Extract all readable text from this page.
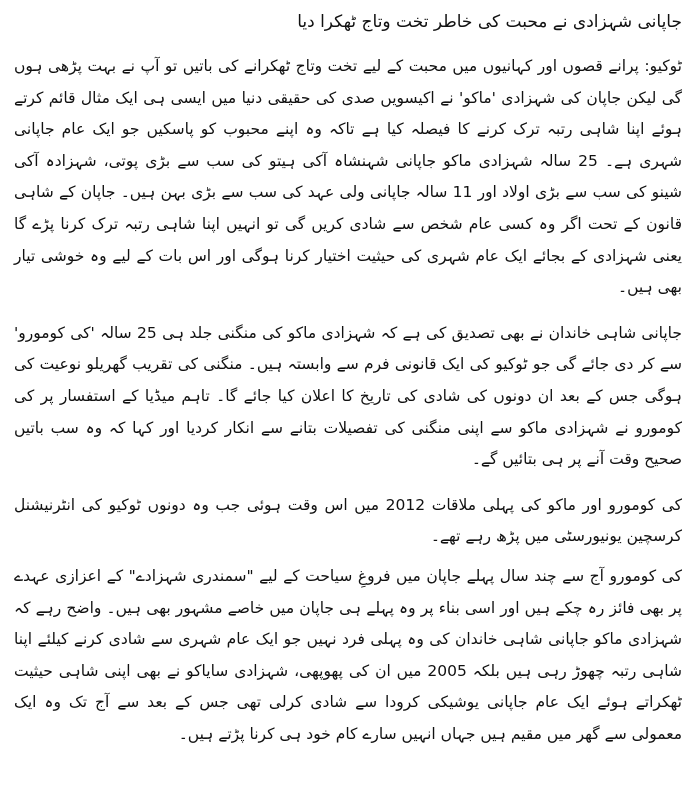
جاپانی شہزادی نے محبت کی خاطر تخت وتاج ٹھکرا دیا

ٹوکیو: پرانے قصوں اور کہانیوں میں محبت کے لیے تخت وتاج ٹھکرانے کی باتیں تو آپ نے بہت پڑھی ہوں گی لیکن جاپان کی شہزادی 'ماکو' نے اکیسویں صدی کی حقیقی دنیا میں ایسی ہی ایک مثال قائم کرتے ہوئے اپنا شاہی رتبہ ترک کرنے کا فیصلہ کیا ہے تاکہ وہ اپنے محبوب کو پاسکیں جو ایک عام جاپانی شہری ہے۔ 25 سالہ شہزادی ماکو جاپانی شہنشاہ آکی ہیتو کی سب سے بڑی پوتی، شہزادہ آکی شینو کی سب سے بڑی اولاد اور 11 سالہ جاپانی ولی عہد کی سب سے بڑی بہن ہیں۔ جاپان کے شاہی قانون کے تحت اگر وہ کسی عام شخص سے شادی کریں گی تو انہیں اپنا شاہی رتبہ ترک کرنا پڑے گا یعنی شہزادی کے بجائے ایک عام شہری کی حیثیت اختیار کرنا ہوگی اور اس بات کے لیے وہ خوشی تیار بھی ہیں۔

جاپانی شاہی خاندان نے بھی تصدیق کی ہے کہ شہزادی ماکو کی منگنی جلد ہی 25 سالہ 'کی کومورو' سے کر دی جائے گی جو ٹوکیو کی ایک قانونی فرم سے وابستہ ہیں۔ منگنی کی تقریب گھریلو نوعیت کی ہوگی جس کے بعد ان دونوں کی شادی کی تاریخ کا اعلان کیا جائے گا۔ تاہم میڈیا کے استفسار پر کی کومورو نے شہزادی ماکو سے اپنی منگنی کی تفصیلات بتانے سے انکار کردیا اور کہا کہ وہ سب باتیں صحیح وقت آنے پر ہی بتائیں گے۔

کی کومورو اور ماکو کی پہلی ملاقات 2012 میں اس وقت ہوئی جب وہ دونوں ٹوکیو کی انٹرنیشنل کرسچین یونیورسٹی میں پڑھ رہے تھے۔

کی کومورو آج سے چند سال پہلے جاپان میں فروغِ سیاحت کے لیے "سمندری شہزادے" کے اعزازی عہدے پر بھی فائز رہ چکے ہیں اور اسی بناء پر وہ پہلے ہی جاپان میں خاصے مشہور بھی ہیں۔ واضح رہے کہ شہزادی ماکو جاپانی شاہی خاندان کی وہ پہلی فرد نہیں جو ایک عام شہری سے شادی کرنے کیلئے اپنا شاہی رتبہ چھوڑ رہی ہیں بلکہ 2005 میں ان کی پھوپھی، شہزادی سایاکو نے بھی اپنی شاہی حیثیت ٹھکراتے ہوئے ایک عام جاپانی یوشیکی کرودا سے شادی کرلی تھی جس کے بعد سے آج تک وہ ایک معمولی سے گھر میں مقیم ہیں جہاں انہیں سارے کام خود ہی کرنا پڑتے ہیں۔
